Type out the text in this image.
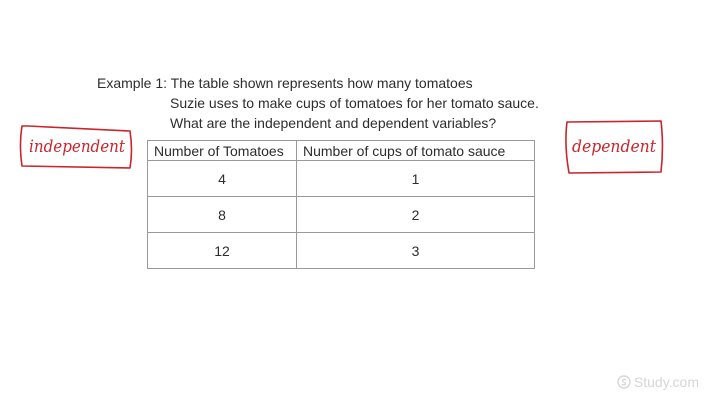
Example 1: The table shown represents how many tomatoes
Suzie uses to make cups of tomatoes for her tomato sauce.
What are the independent and dependent variables?
Number of Tomatoes	Number of cups of tomato sauce
4	1
8	2
12	3
independent	dependent
Study.com
